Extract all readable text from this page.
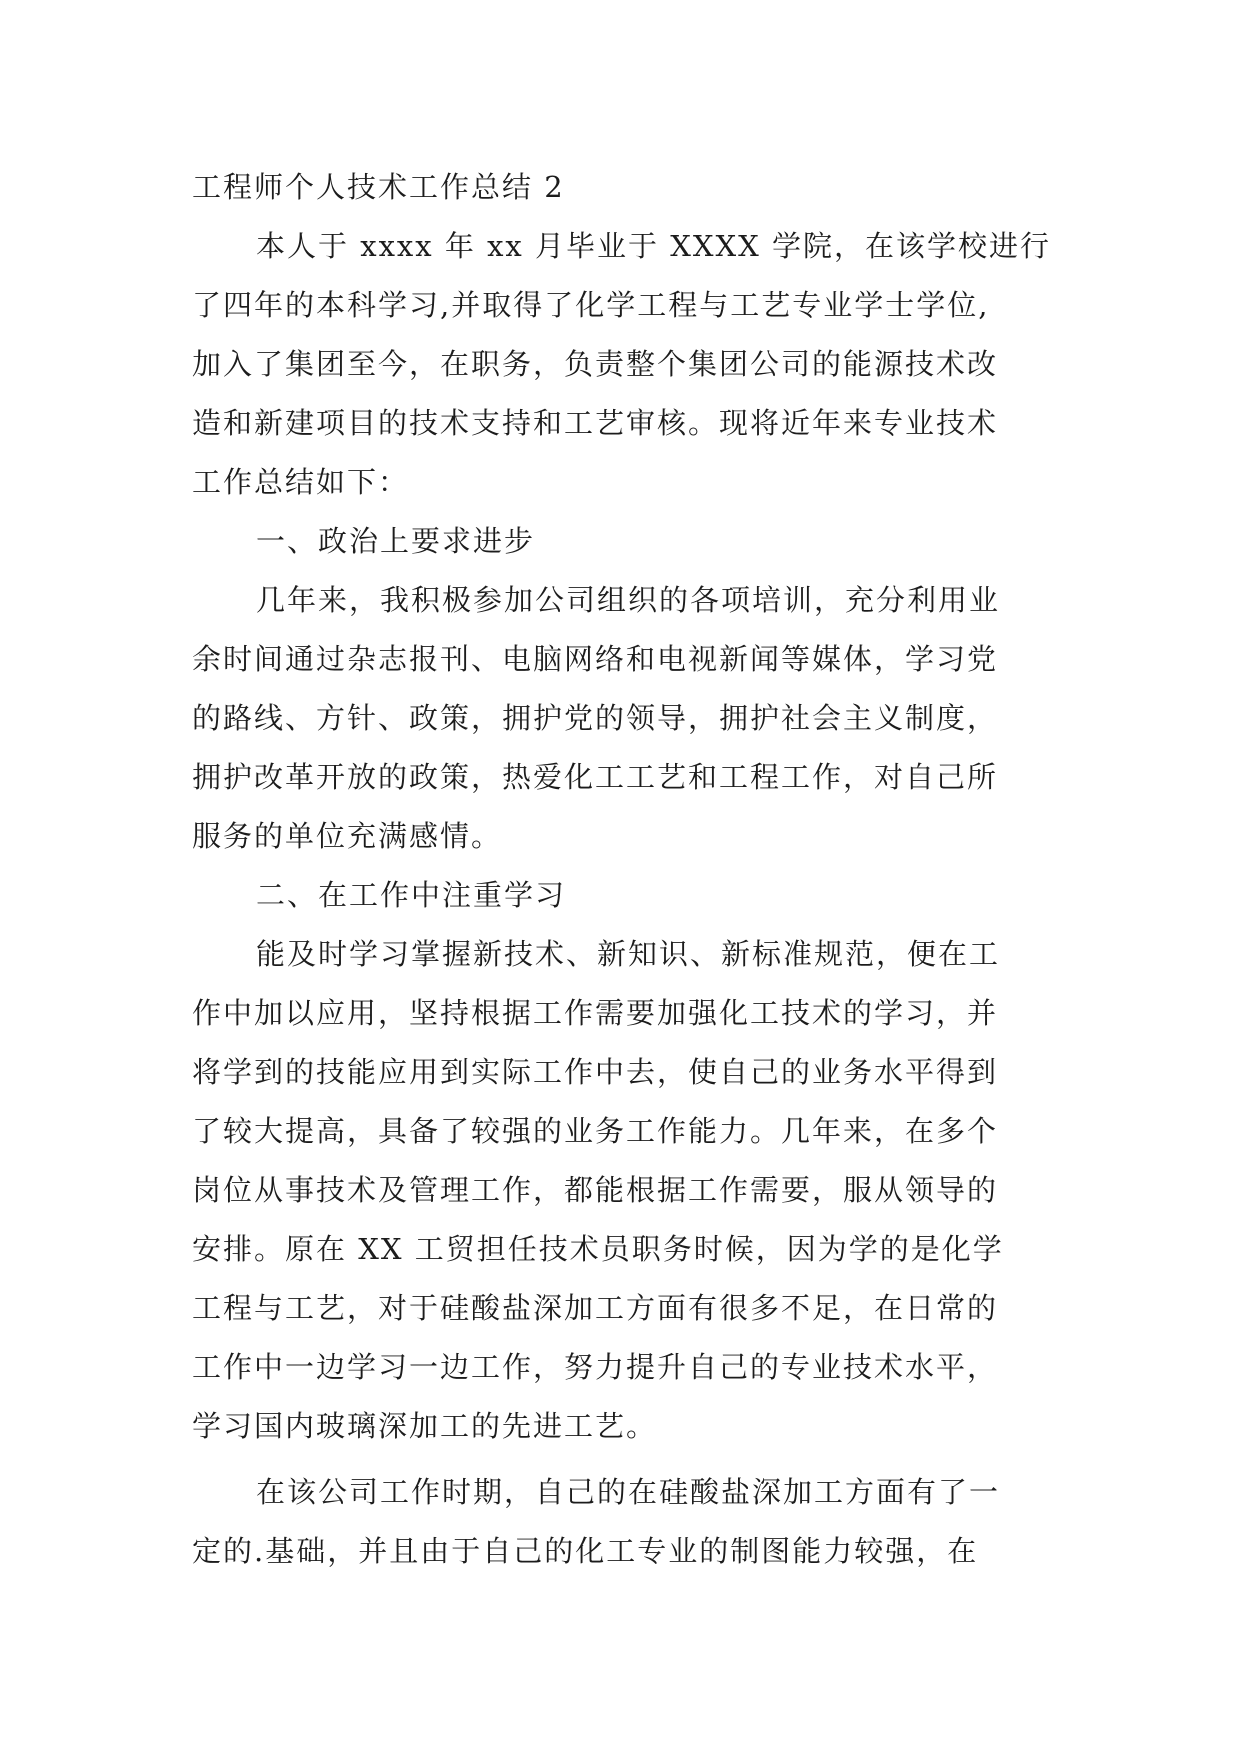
工程师个人技术工作总结 2
本人于 xxxx 年 xx 月毕业于 XXXX 学院，在该学校进行
了四年的本科学习,并取得了化学工程与工艺专业学士学位,
加入了集团至今，在职务，负责整个集团公司的能源技术改
造和新建项目的技术支持和工艺审核。现将近年来专业技术
工作总结如下：
一、政治上要求进步
几年来，我积极参加公司组织的各项培训，充分利用业
余时间通过杂志报刊、电脑网络和电视新闻等媒体，学习党
的路线、方针、政策，拥护党的领导，拥护社会主义制度，
拥护改革开放的政策，热爱化工工艺和工程工作，对自己所
服务的单位充满感情。
二、在工作中注重学习
能及时学习掌握新技术、新知识、新标准规范，便在工
作中加以应用，坚持根据工作需要加强化工技术的学习，并
将学到的技能应用到实际工作中去，使自己的业务水平得到
了较大提高，具备了较强的业务工作能力。几年来，在多个
岗位从事技术及管理工作，都能根据工作需要，服从领导的
安排。原在 XX 工贸担任技术员职务时候，因为学的是化学
工程与工艺，对于硅酸盐深加工方面有很多不足，在日常的
工作中一边学习一边工作，努力提升自己的专业技术水平，
学习国内玻璃深加工的先进工艺。
在该公司工作时期，自己的在硅酸盐深加工方面有了一
定的.基础，并且由于自己的化工专业的制图能力较强，在
